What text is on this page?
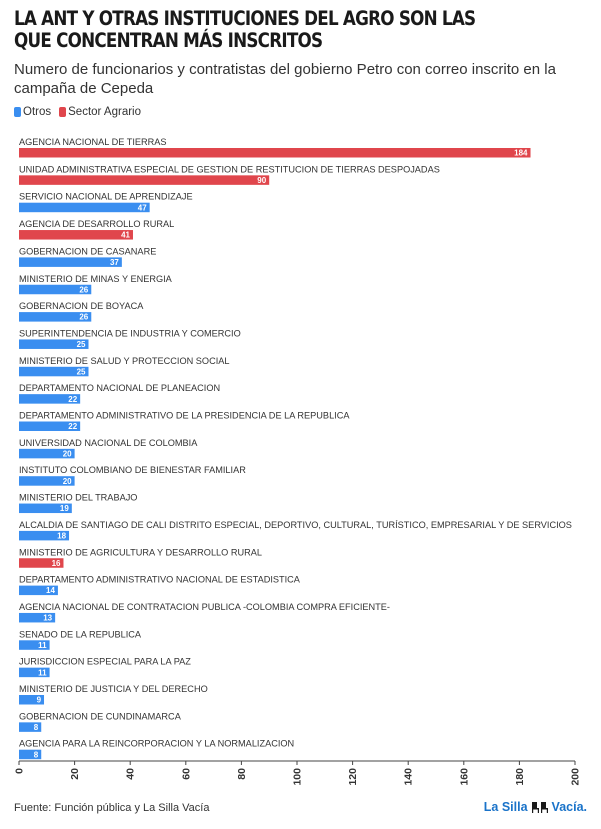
LA ANT Y OTRAS INSTITUCIONES DEL AGRO SON LAS QUE CONCENTRAN MÁS INSCRITOS

Numero de funcionarios y contratistas del gobierno Petro con correo inscrito en la campaña de Cepeda

Otros Sector Agrario
AGENCIA NACIONAL DE TIERRAS
184
UNIDAD ADMINISTRATIVA ESPECIAL DE GESTION DE RESTITUCION DE TIERRAS DESPOJADAS
90
SERVICIO NACIONAL DE APRENDIZAJE
47
AGENCIA DE DESARROLLO RURAL
41
GOBERNACION DE CASANARE
37
MINISTERIO DE MINAS Y ENERGIA
26
GOBERNACION DE BOYACA
26
SUPERINTENDENCIA DE INDUSTRIA Y COMERCIO
25
MINISTERIO DE SALUD Y PROTECCION SOCIAL
25
DEPARTAMENTO NACIONAL DE PLANEACION
22
DEPARTAMENTO ADMINISTRATIVO DE LA PRESIDENCIA DE LA REPUBLICA
22
UNIVERSIDAD NACIONAL DE COLOMBIA
20
INSTITUTO COLOMBIANO DE BIENESTAR FAMILIAR
20
MINISTERIO DEL TRABAJO
19
ALCALDIA DE SANTIAGO DE CALI DISTRITO ESPECIAL, DEPORTIVO, CULTURAL, TURÍSTICO, EMPRESARIAL Y DE SERVICIOS
18
MINISTERIO DE AGRICULTURA Y DESARROLLO RURAL
16
DEPARTAMENTO ADMINISTRATIVO NACIONAL DE ESTADISTICA
14
AGENCIA NACIONAL DE CONTRATACION PUBLICA -COLOMBIA COMPRA EFICIENTE-
13
SENADO DE LA REPUBLICA
11
JURISDICCION ESPECIAL PARA LA PAZ
11
MINISTERIO DE JUSTICIA Y DEL DERECHO
9
GOBERNACION DE CUNDINAMARCA
8
AGENCIA PARA LA REINCORPORACION Y LA NORMALIZACION
8
0	20	40	60	80	100	120	140	160	180	200
Fuente: Función pública y La Silla Vacía	La Silla Vacía.
